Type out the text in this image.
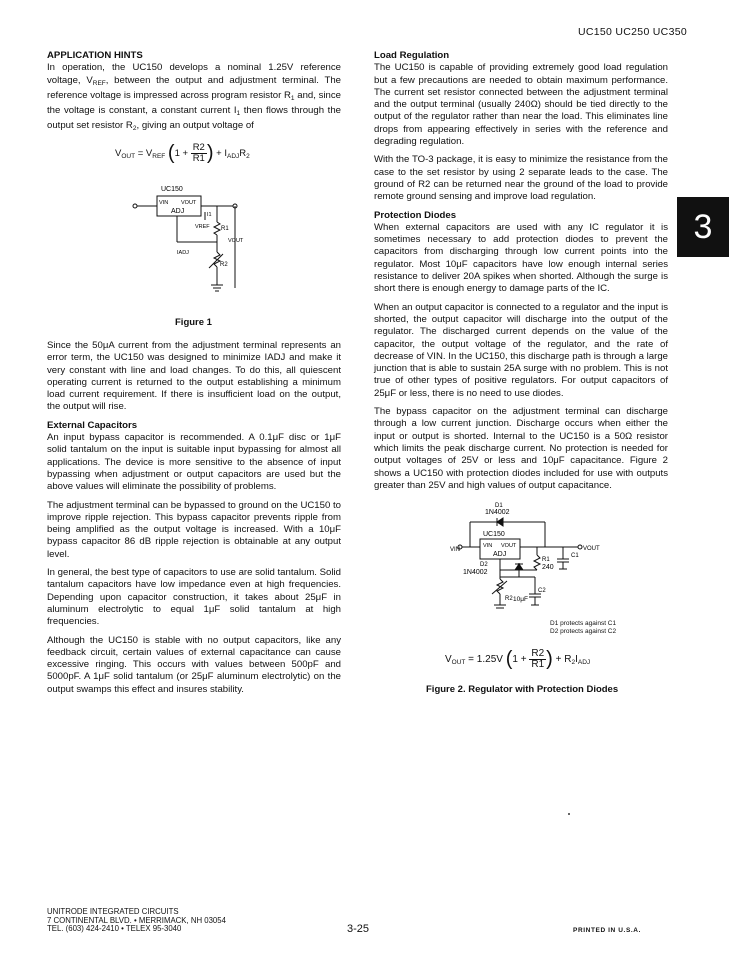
UC150 UC250 UC350
3
APPLICATION HINTS

In operation, the UC150 develops a nominal 1.25V reference voltage, $V_{REF}$, between the output and adjustment terminal. The reference voltage is impressed across program resistor $R_1$ and, since the voltage is constant, a constant current $I_1$ then flows through the output set resistor $R_2$, giving an output voltage of

$V_{OUT} = V_{REF}$ ($1 + \frac{R2}{R1}$ ) + $I_{ADJ}R_2$
UC150
VIN VOUT
ADJ	I1
VREF R1
VOUT
IADJ
R2
Figure 1

Since the 50μA current from the adjustment terminal represents an error term, the UC150 was designed to minimize IADJ and make it very constant with line and load changes. To do this, all quiescent operating current is returned to the output establishing a minimum load current requirement. If there is insufficient load on the output, the output will rise.

External Capacitors

An input bypass capacitor is recommended. A 0.1μF disc or 1μF solid tantalum on the input is suitable input bypassing for almost all applications. The device is more sensitive to the absence of input bypassing when adjustment or output capacitors are used but the above values will eliminate the possibility of problems.

The adjustment terminal can be bypassed to ground on the UC150 to improve ripple rejection. This bypass capacitor prevents ripple from being amplified as the output voltage is increased. With a 10μF bypass capacitor 86 dB ripple rejection is obtainable at any output level.

In general, the best type of capacitors to use are solid tantalum. Solid tantalum capacitors have low impedance even at high frequencies. Depending upon capacitor construction, it takes about 25μF in aluminum electrolytic to equal 1μF solid tantalum at high frequencies.

Although the UC150 is stable with no output capacitors, like any feedback circuit, certain values of external capacitance can cause excessive ringing. This occurs with values between 500pF and 5000pF. A 1μF solid tantalum (or 25μF aluminum electrolytic) on the output swamps this effect and insures stability.

Load Regulation

The UC150 is capable of providing extremely good load regulation but a few precautions are needed to obtain maximum performance. The current set resistor connected between the adjustment terminal and the output terminal (usually 240Ω) should be tied directly to the output of the regulator rather than near the load. This eliminates line drops from appearing effectively in series with the reference and degrading regulation.

With the TO-3 package, it is easy to minimize the resistance from the case to the set resistor by using 2 separate leads to the case. The ground of R2 can be returned near the ground of the load to provide remote ground sensing and improve load regulation.

Protection Diodes

When external capacitors are used with any IC regulator it is sometimes necessary to add protection diodes to prevent the capacitors from discharging through low current points into the regulator. Most 10μF capacitors have low enough internal series resistance to deliver 20A spikes when shorted. Although the surge is short there is enough energy to damage parts of the IC.

When an output capacitor is connected to a regulator and the input is shorted, the output capacitor will discharge into the output of the regulator. The discharged current depends on the value of the capacitor, the output voltage of the regulator, and the rate of decrease of VIN. In the UC150, this discharge path is through a large junction that is able to sustain 25A surge with no problem. This is not true of other types of positive regulators. For output capacitors of 25μF or less, there is no need to use diodes.

The bypass capacitor on the adjustment terminal can discharge through a low current junction. Discharge occurs when either the input or output is shorted. Internal to the UC150 is a 50Ω resistor which limits the peak discharge current. No protection is needed for output voltages of 25V or less and 10μF capacitance. Figure 2 shows a UC150 with protection diodes included for use with outputs greater than 25V and high values of output capacitance.

D1
1N4002
UC150
VIN
VIN VOUT
ADJ
VOUT
D2
1N4002
R1
240
C1
C2
10μF
R2
D1 protects against C1
D2 protects against C2
$V_{OUT} = 1.25V$ ($1 + \frac{R2}{R1}$ ) + $R_2I_{ADJ}$
Figure 2. Regulator with Protection Diodes
UNITRODE INTEGRATED CIRCUITS
7 CONTINENTAL BLVD. • MERRIMACK, NH 03054
TEL. (603) 424-2410 • TELEX 95-3040	3-25	PRINTED IN U.S.A.
